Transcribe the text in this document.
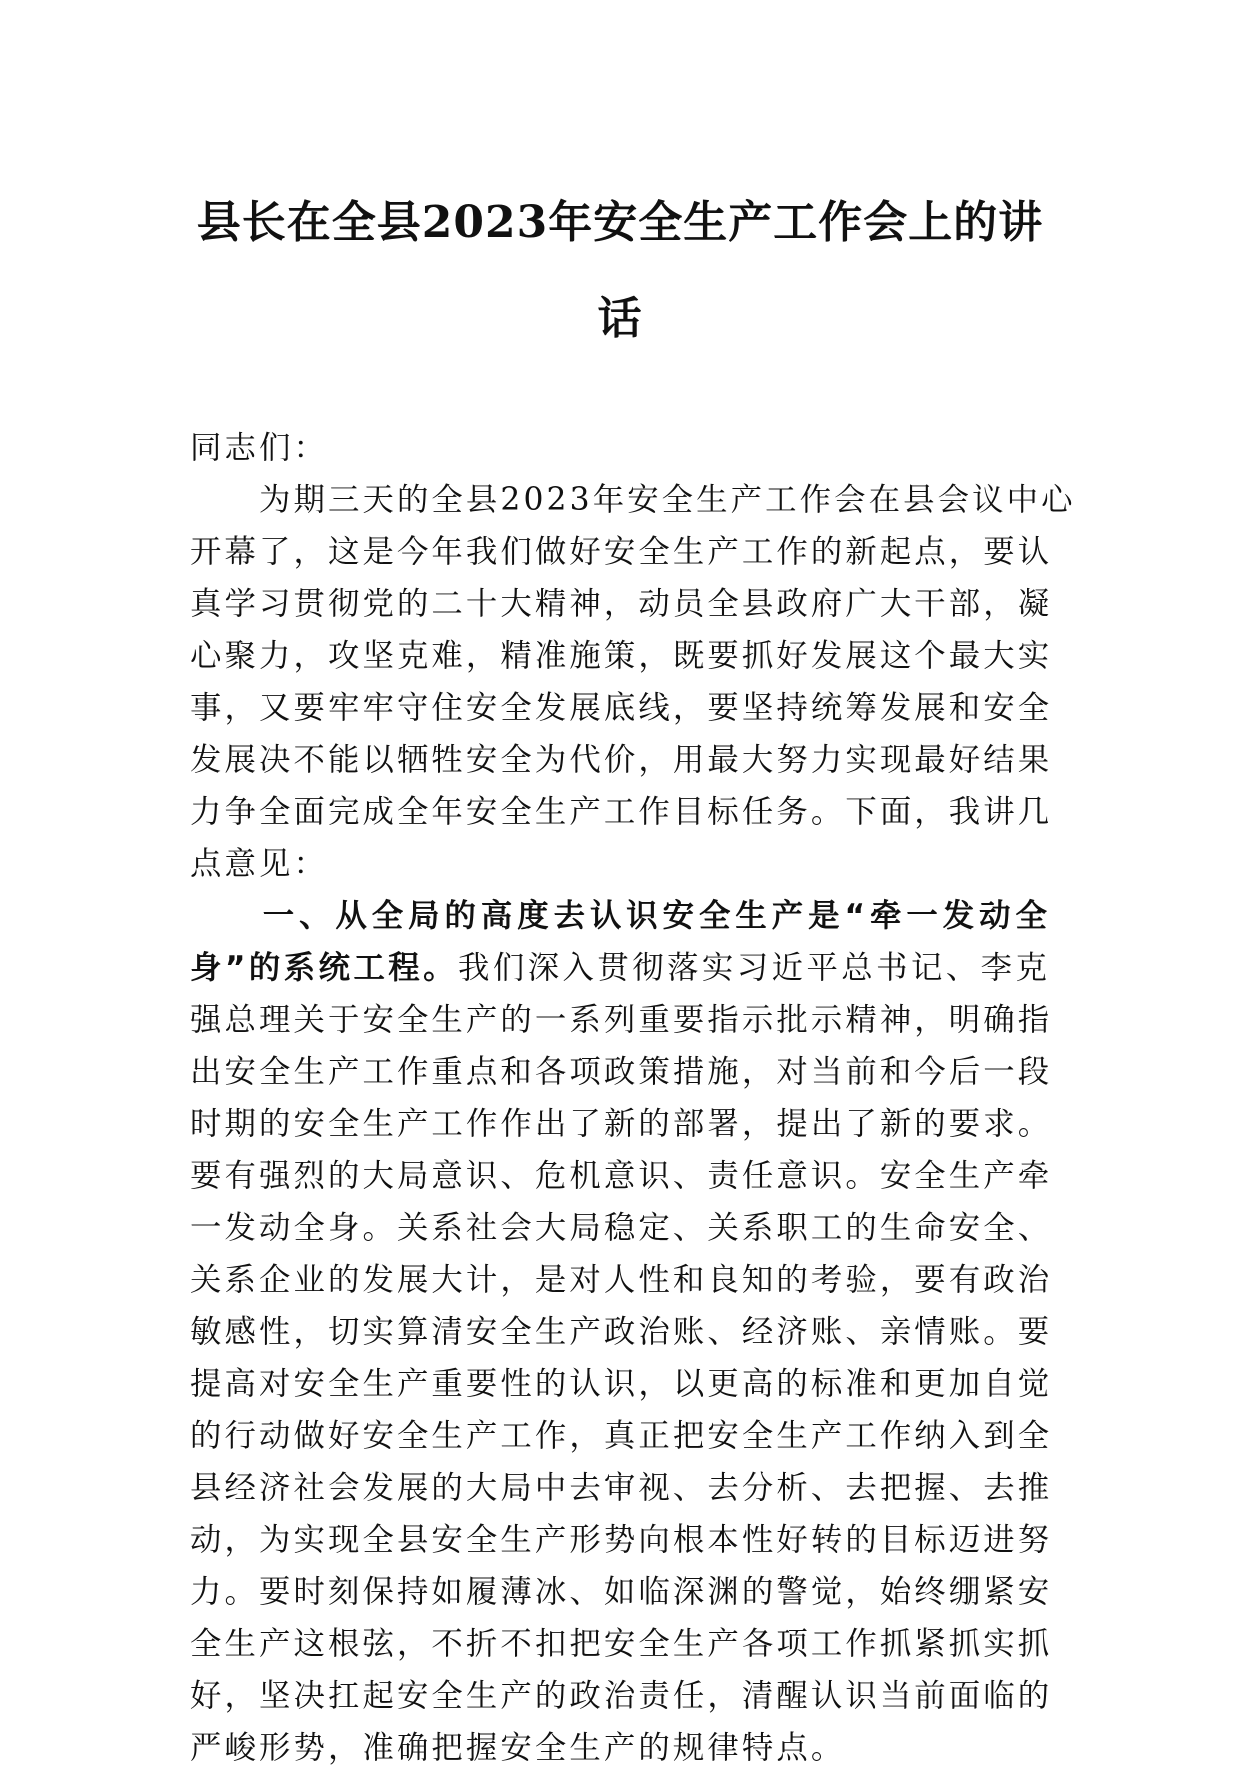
县长在全县2023年安全生产工作会上的讲
话
同志们：
　　为期三天的全县2023年安全生产工作会在县会议中心
开幕了，这是今年我们做好安全生产工作的新起点，要认
真学习贯彻党的二十大精神，动员全县政府广大干部，凝
心聚力，攻坚克难，精准施策，既要抓好发展这个最大实
事，又要牢牢守住安全发展底线，要坚持统筹发展和安全
发展决不能以牺牲安全为代价，用最大努力实现最好结果
力争全面完成全年安全生产工作目标任务。下面，我讲几
点意见：
　　一、从全局的高度去认识安全生产是“牵一发动全
身”的系统工程。我们深入贯彻落实习近平总书记、李克
强总理关于安全生产的一系列重要指示批示精神，明确指
出安全生产工作重点和各项政策措施，对当前和今后一段
时期的安全生产工作作出了新的部署，提出了新的要求。
要有强烈的大局意识、危机意识、责任意识。安全生产牵
一发动全身。关系社会大局稳定、关系职工的生命安全、
关系企业的发展大计，是对人性和良知的考验，要有政治
敏感性，切实算清安全生产政治账、经济账、亲情账。要
提高对安全生产重要性的认识，以更高的标准和更加自觉
的行动做好安全生产工作，真正把安全生产工作纳入到全
县经济社会发展的大局中去审视、去分析、去把握、去推
动，为实现全县安全生产形势向根本性好转的目标迈进努
力。要时刻保持如履薄冰、如临深渊的警觉，始终绷紧安
全生产这根弦，不折不扣把安全生产各项工作抓紧抓实抓
好，坚决扛起安全生产的政治责任，清醒认识当前面临的
严峻形势，准确把握安全生产的规律特点。
